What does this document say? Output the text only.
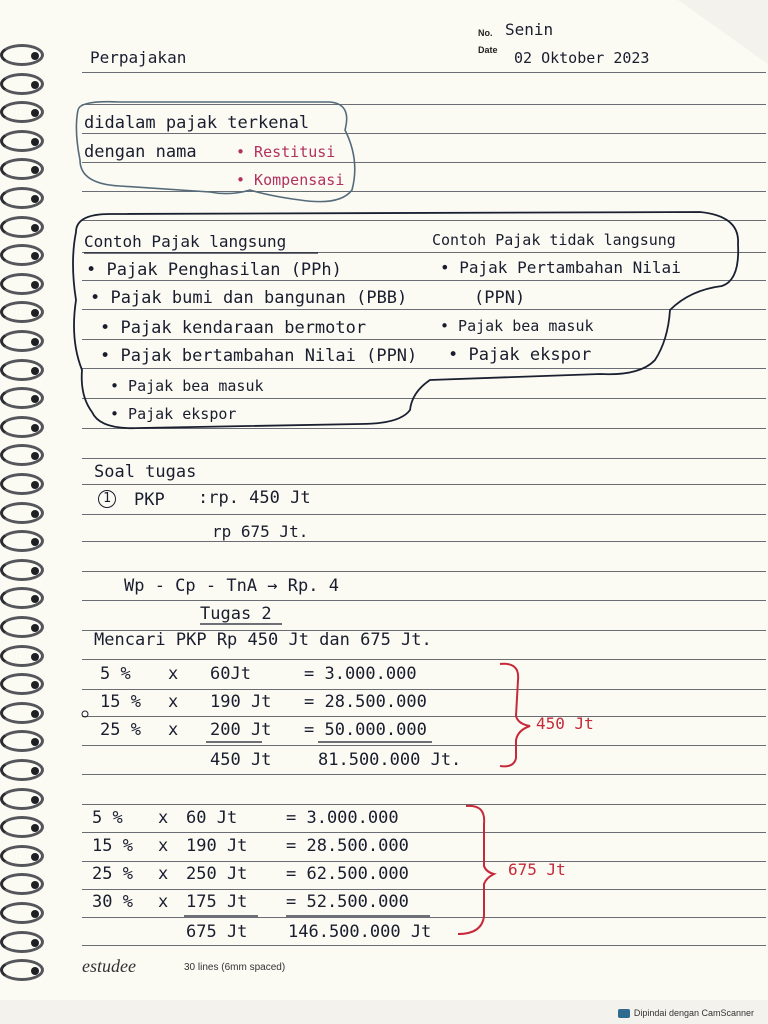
No. Senin
Date 02 Oktober 2023
Perpajakan
didalam pajak terkenal
dengan nama	• Restitusi
• Kompensasi
Contoh Pajak langsung	Contoh Pajak tidak langsung
• Pajak Penghasilan (PPh)
• Pajak bumi dan bangunan (PBB)
• Pajak kendaraan bermotor
• Pajak bertambahan Nilai (PPN)
• Pajak bea masuk
• Pajak ekspor
• Pajak Pertambahan Nilai
(PPN)
• Pajak bea masuk
• Pajak ekspor
Soal tugas
1 PKP :rp. 450 Jt
rp 675 Jt.
Wp - Cp - TnA → Rp. 4
Tugas 2
Mencari PKP Rp 450 Jt dan 675 Jt.
5 % x 60Jt	= 3.000.000
15 % x 190 Jt = 28.500.000
25 % x 200 Jt = 50.000.000
450 Jt	81.500.000 Jt.
450 Jt
5 % x 60 Jt	= 3.000.000
15 % x 190 Jt = 28.500.000
25 % x 250 Jt = 62.500.000
30 % x 175 Jt = 52.500.000
675 Jt 146.500.000 Jt
675 Jt
estudee	30 lines (6mm spaced)
Dipindai dengan CamScanner
